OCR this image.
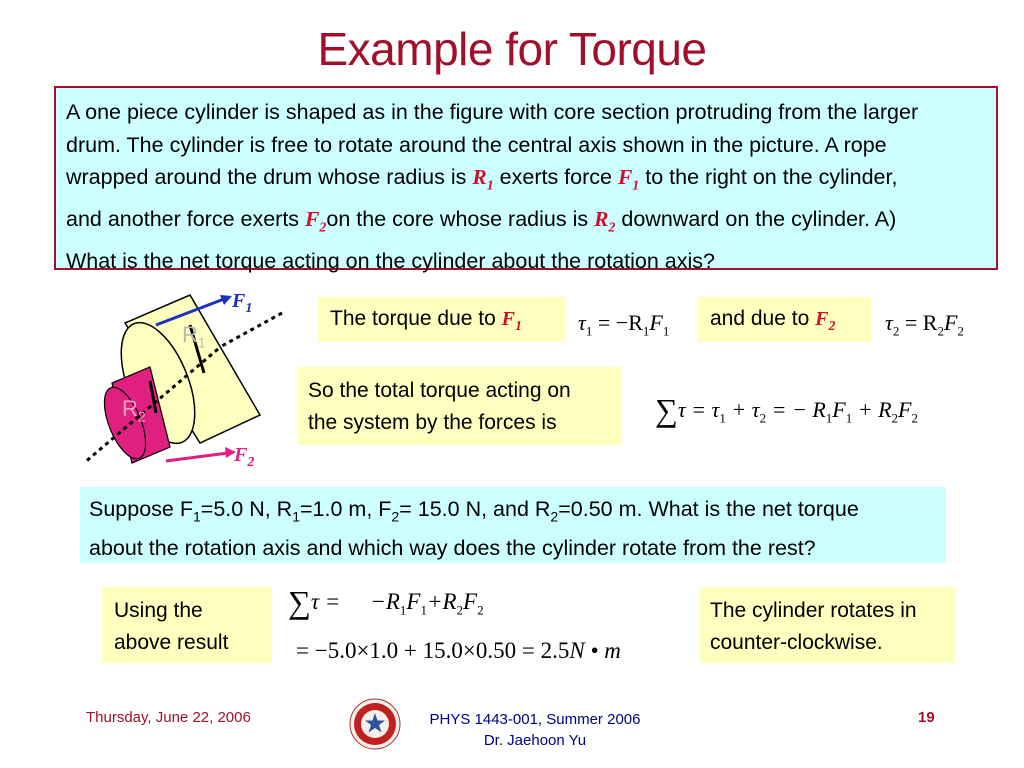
Example for Torque
A one piece cylinder is shaped as in the figure with core section protruding from the larger
drum. The cylinder is free to rotate around the central axis shown in the picture. A rope
wrapped around the drum whose radius is $R_1$ exerts force $F_1$ to the right on the cylinder,
and another force exerts $F_2on$ the core whose radius is $R_2$ downward on the cylinder. A)
What is the net torque acting on the cylinder about the rotation axis?
$F_1$
$R_1$
$R_2$
$F_2$
The torque due to $F_1$	$\tau_1 = -R_1F_1$
and due to $F_2$	$\tau_2 = R_2F_2$
So the total torque acting on
the system by the forces is	$\sum\tau = \tau_1 + \tau_2$ = − $R_1F_1 + R_2F_2$
Suppose $F_1=5.0$ N, $R_1=1.0$ m, $F_2= 15.0$ N, and $R_2=0.50$ m. What is the net torque
about the rotation axis and which way does the cylinder rotate from the rest?
Using the
above result
$\sum\tau = -R_1F_1+R_2F_2$
= −5.0×1.0 + 15.0×0.50 = 2.5N • m
The cylinder rotates in
counter-clockwise.
Thursday, June 22, 2006	PHYS 1443-001, Summer 2006
Dr. Jaehoon Yu
19
